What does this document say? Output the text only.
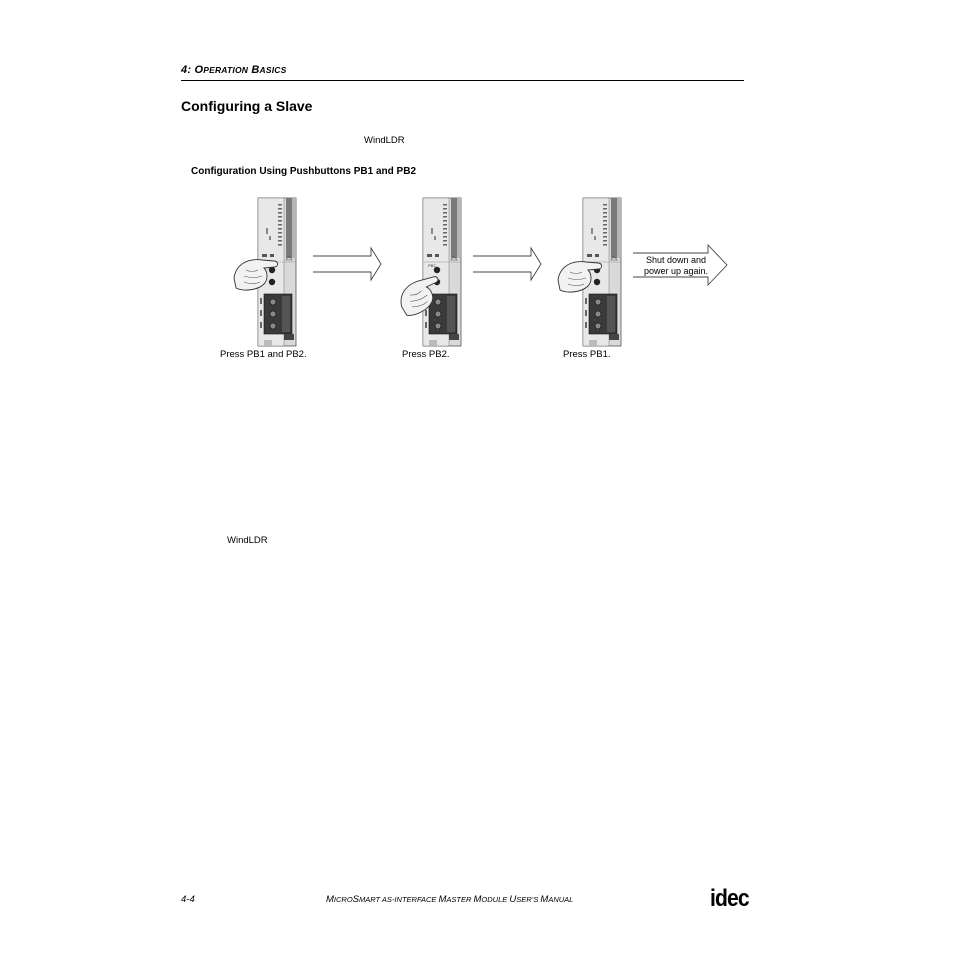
4: OPERATION BASICS
Configuring a Slave
WindLDR
Configuration Using Pushbuttons PB1 and PB2
PB2
Shut down and
power up again.
Press PB1 and PB2.	Press PB2.	Press PB1.
WindLDR
4-4	MICROSMART AS-INTERFACE MASTER MODULE USER’S MANUAL	idec
